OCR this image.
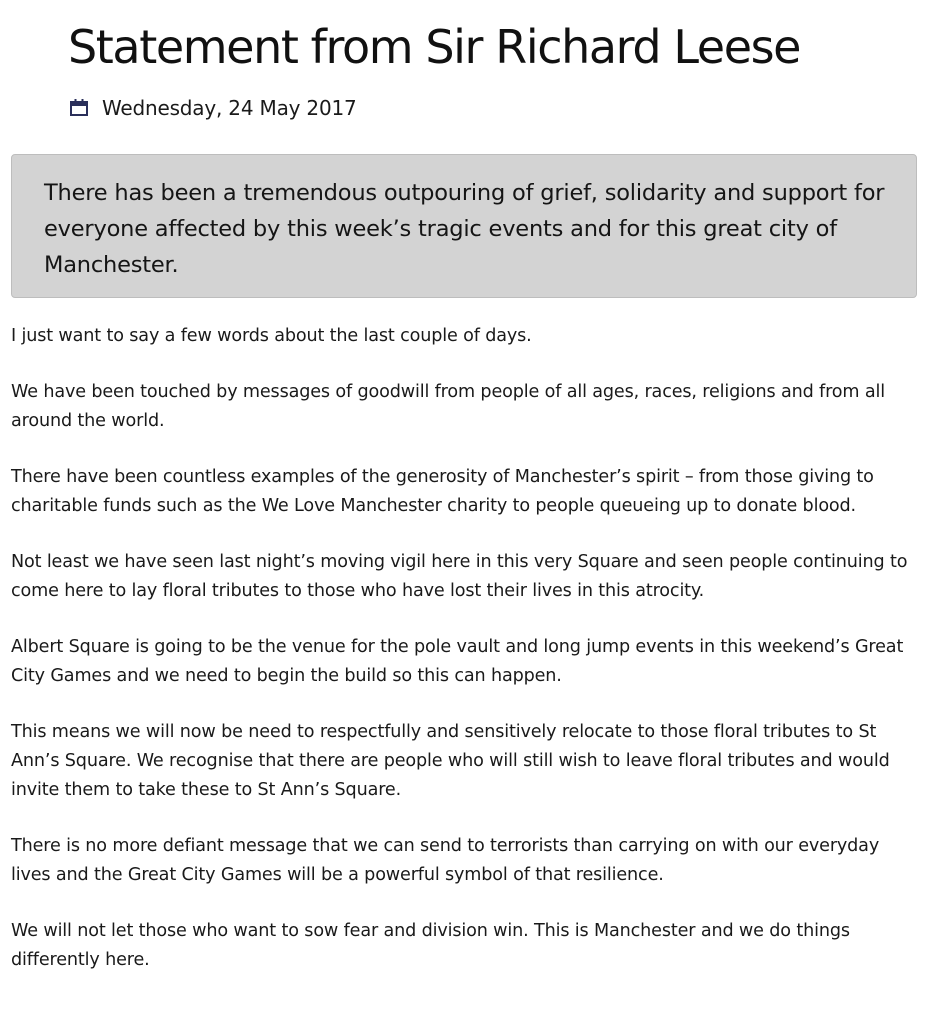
Statement from Sir Richard Leese
Wednesday, 24 May 2017
There has been a tremendous outpouring of grief, solidarity and support for everyone affected by this week’s tragic events and for this great city of Manchester.

I just want to say a few words about the last couple of days.

We have been touched by messages of goodwill from people of all ages, races, religions and from all around the world.

There have been countless examples of the generosity of Manchester’s spirit – from those giving to charitable funds such as the We Love Manchester charity to people queueing up to donate blood.

Not least we have seen last night’s moving vigil here in this very Square and seen people continuing to come here to lay floral tributes to those who have lost their lives in this atrocity.

Albert Square is going to be the venue for the pole vault and long jump events in this weekend’s Great City Games and we need to begin the build so this can happen.

This means we will now be need to respectfully and sensitively relocate to those floral tributes to St Ann’s Square. We recognise that there are people who will still wish to leave floral tributes and would invite them to take these to St Ann’s Square.

There is no more defiant message that we can send to terrorists than carrying on with our everyday lives and the Great City Games will be a powerful symbol of that resilience.

We will not let those who want to sow fear and division win. This is Manchester and we do things differently here.
